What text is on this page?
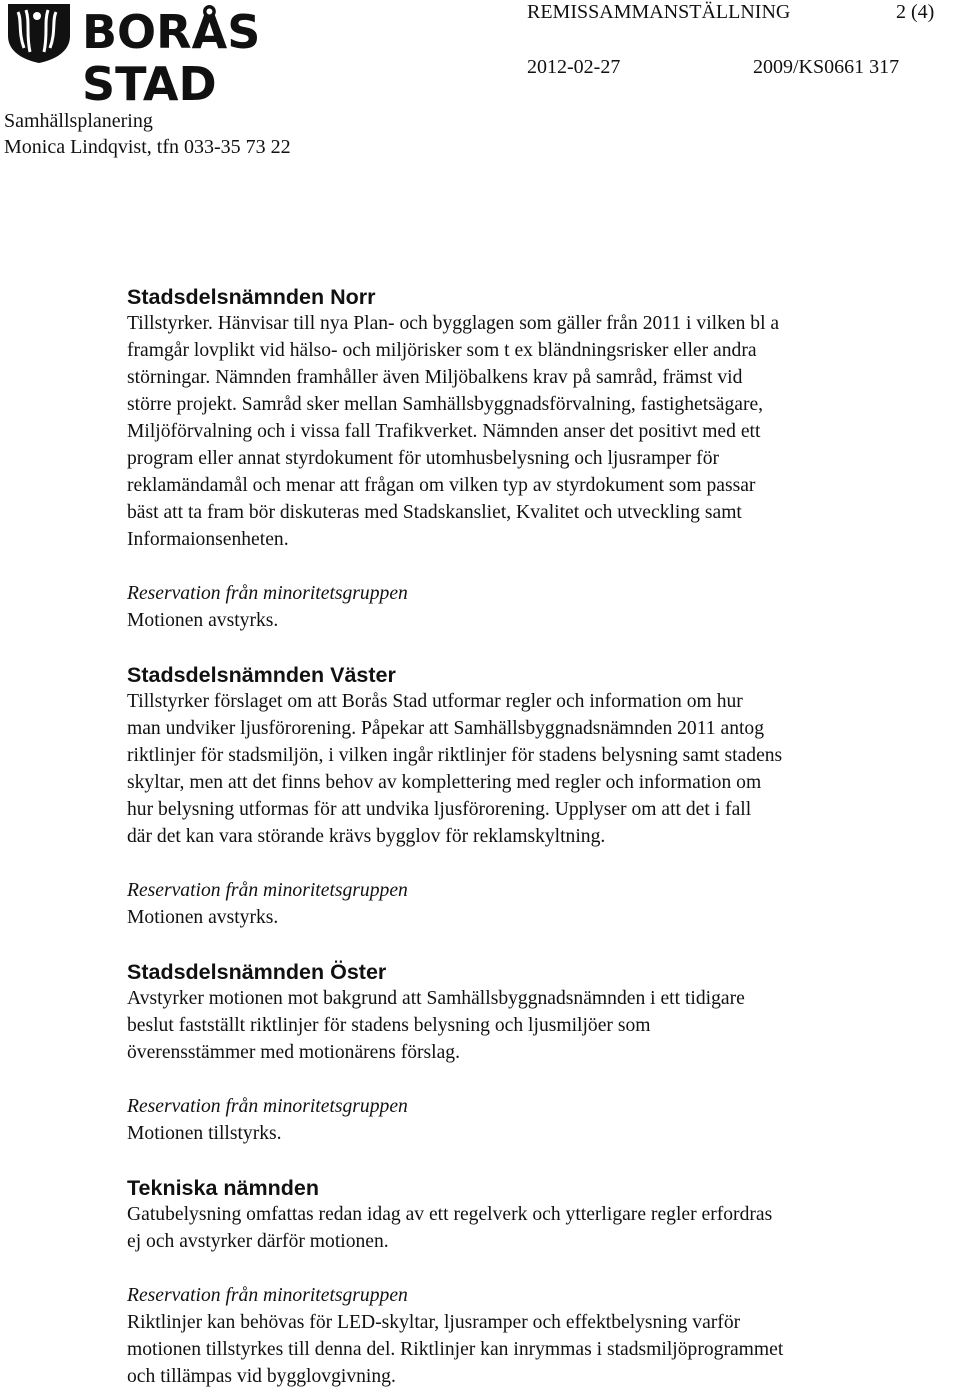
BORÅS STAD
REMISSAMMANSTÄLLNING	2 (4)
2012-02-27	2009/KS0661 317
Samhällsplanering
Monica Lindqvist, tfn 033-35 73 22
Stadsdelsnämnden Norr
Tillstyrker. Hänvisar till nya Plan- och bygglagen som gäller från 2011 i vilken bl a
framgår lovplikt vid hälso- och miljörisker som t ex bländningsrisker eller andra
störningar. Nämnden framhåller även Miljöbalkens krav på samråd, främst vid
större projekt. Samråd sker mellan Samhällsbyggnadsförvalning, fastighetsägare,
Miljöförvalning och i vissa fall Trafikverket. Nämnden anser det positivt med ett
program eller annat styrdokument för utomhusbelysning och ljusramper för
reklamändamål och menar att frågan om vilken typ av styrdokument som passar
bäst att ta fram bör diskuteras med Stadskansliet, Kvalitet och utveckling samt
Informaionsenheten.
Reservation från minoritetsgruppen
Motionen avstyrks.
Stadsdelsnämnden Väster
Tillstyrker förslaget om att Borås Stad utformar regler och information om hur
man undviker ljusförorening. Påpekar att Samhällsbyggnadsnämnden 2011 antog
riktlinjer för stadsmiljön, i vilken ingår riktlinjer för stadens belysning samt stadens
skyltar, men att det finns behov av komplettering med regler och information om
hur belysning utformas för att undvika ljusförorening. Upplyser om att det i fall
där det kan vara störande krävs bygglov för reklamskyltning.
Reservation från minoritetsgruppen
Motionen avstyrks.
Stadsdelsnämnden Öster
Avstyrker motionen mot bakgrund att Samhällsbyggnadsnämnden i ett tidigare
beslut fastställt riktlinjer för stadens belysning och ljusmiljöer som
överensstämmer med motionärens förslag.
Reservation från minoritetsgruppen
Motionen tillstyrks.
Tekniska nämnden
Gatubelysning omfattas redan idag av ett regelverk och ytterligare regler erfordras
ej och avstyrker därför motionen.
Reservation från minoritetsgruppen
Riktlinjer kan behövas för LED-skyltar, ljusramper och effektbelysning varför
motionen tillstyrkes till denna del. Riktlinjer kan inrymmas i stadsmiljöprogrammet
och tillämpas vid bygglovgivning.
